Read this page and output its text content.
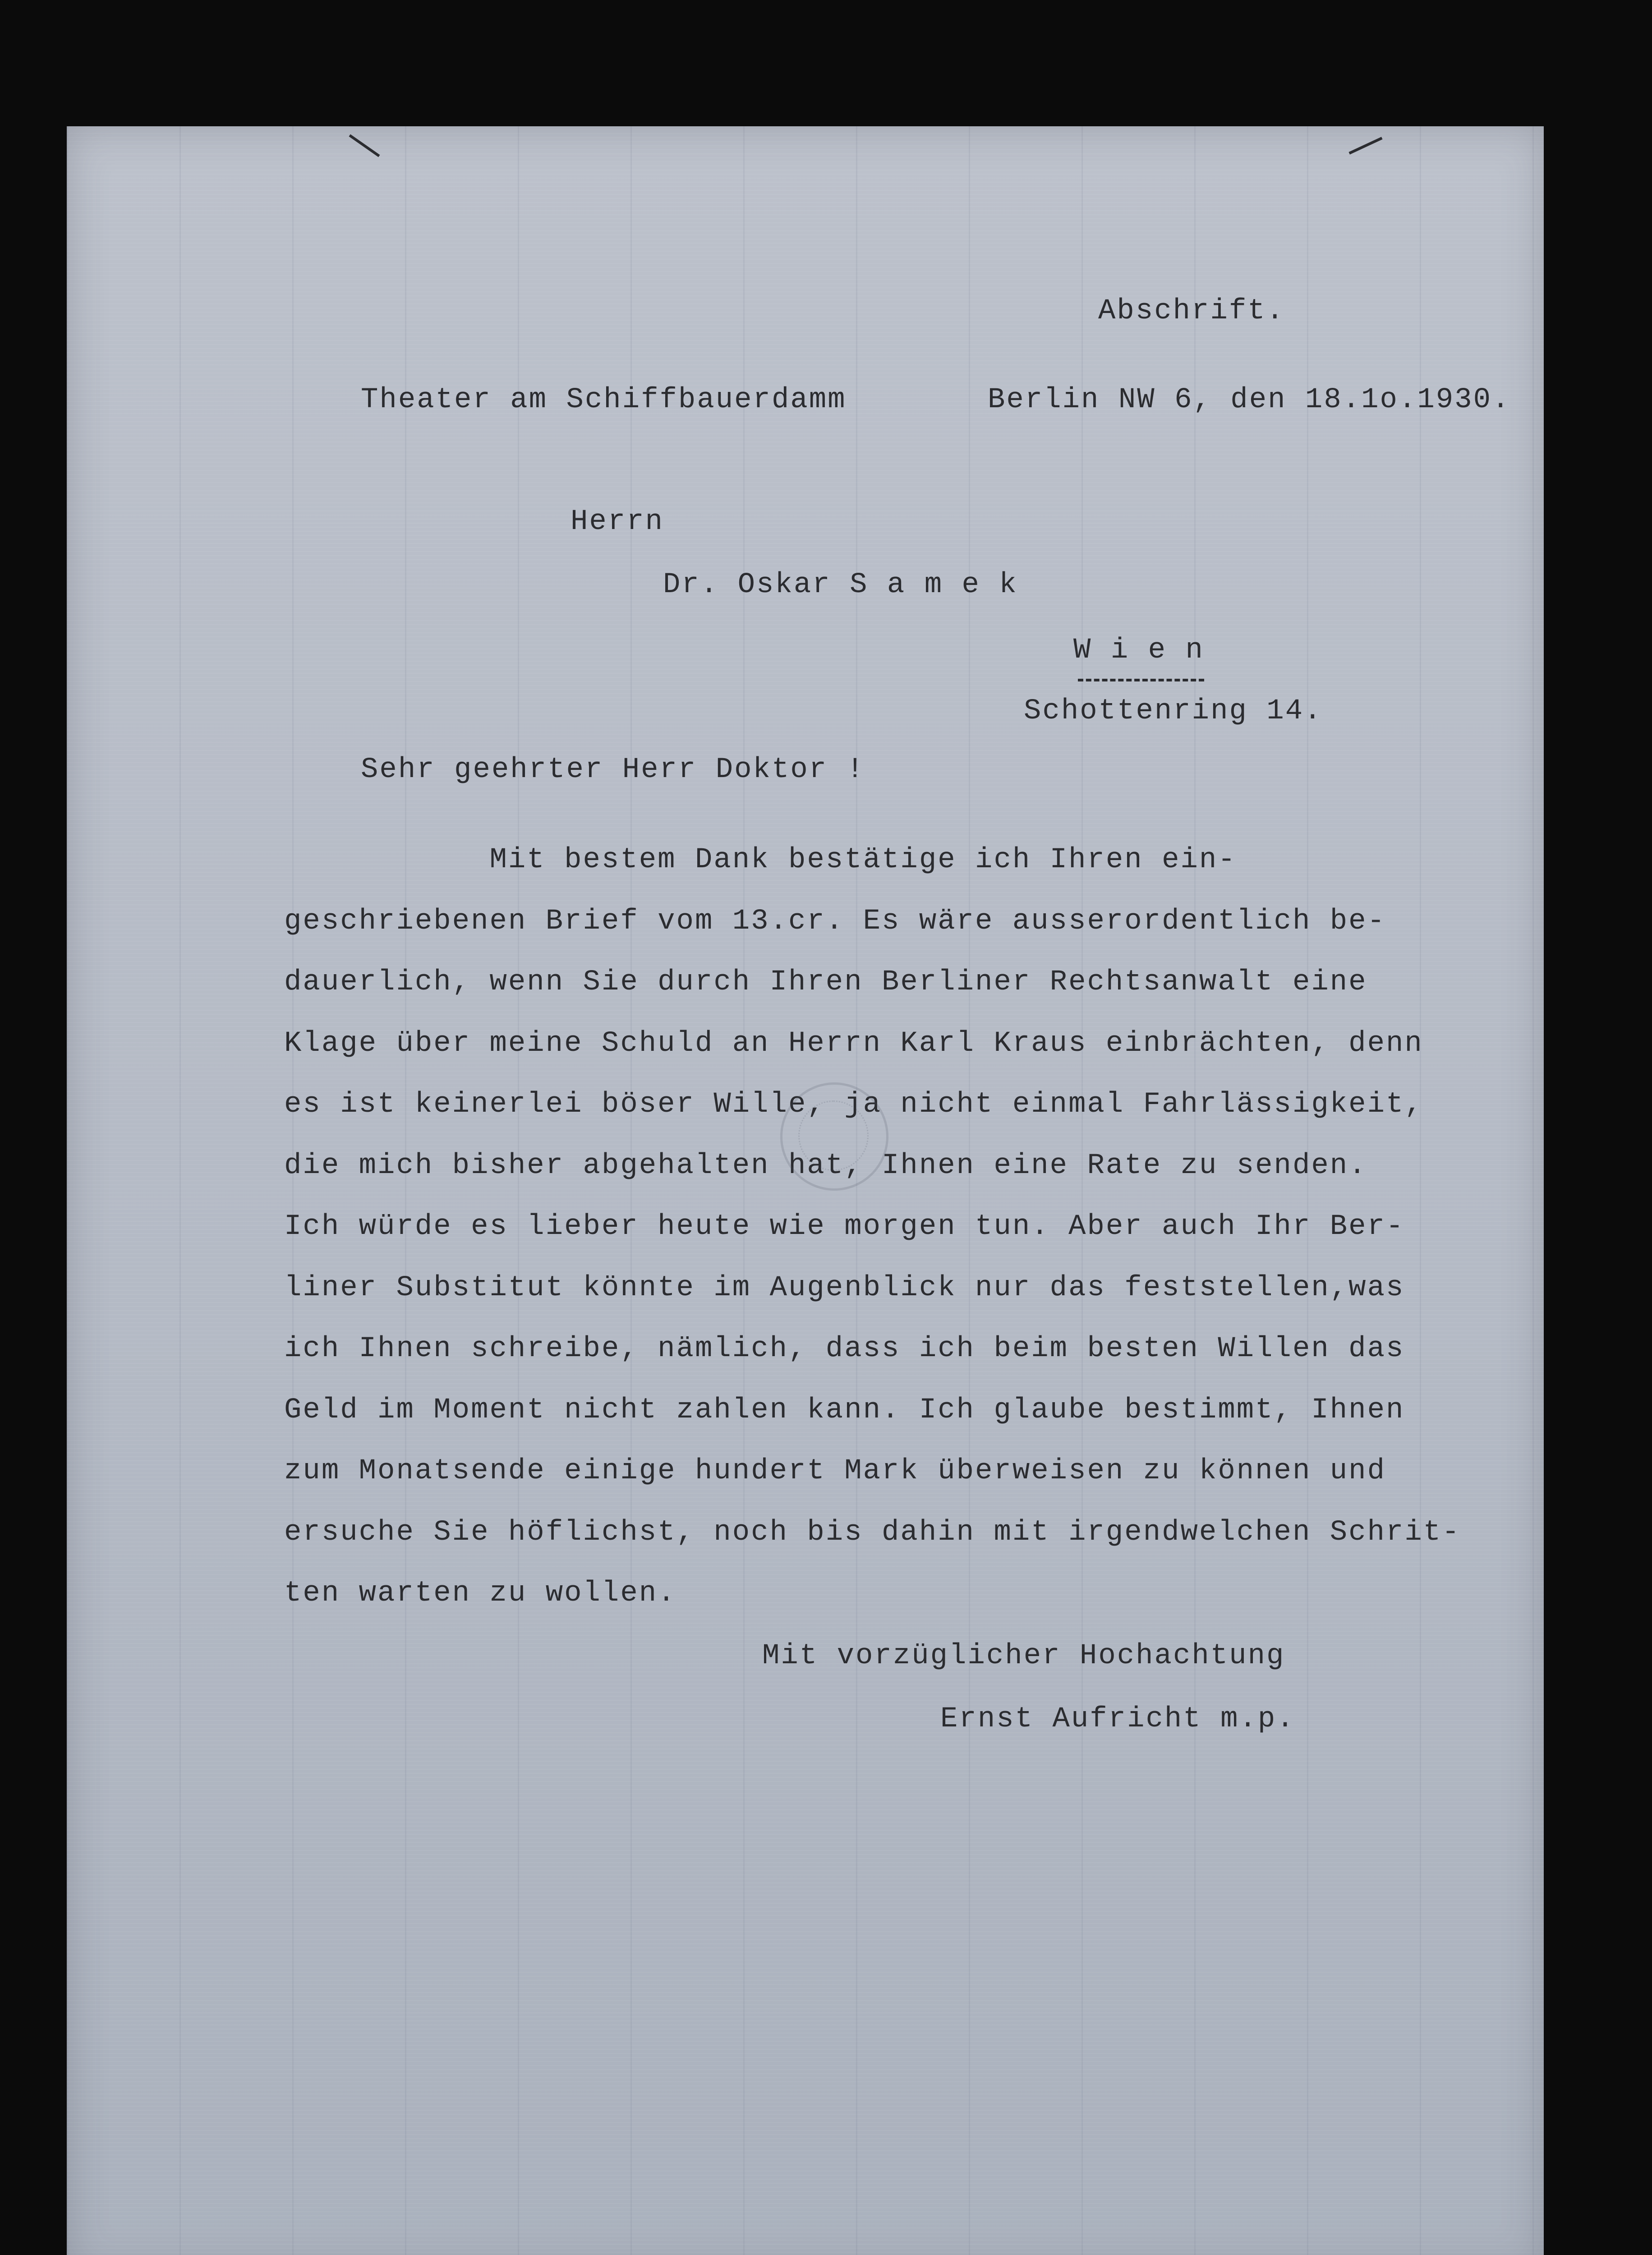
Abschrift.
Theater am Schiffbauerdamm	Berlin NW 6, den 18.1o.1930.
Herrn
Dr. Oskar S a m e k
W i e n
Schottenring 14.
Sehr geehrter Herr Doktor !
Mit bestem Dank bestätige ich Ihren ein-
geschriebenen Brief vom 13.cr. Es wäre ausserordentlich be-
dauerlich, wenn Sie durch Ihren Berliner Rechtsanwalt eine
Klage über meine Schuld an Herrn Karl Kraus einbrächten, denn
es ist keinerlei böser Wille, ja nicht einmal Fahrlässigkeit,
die mich bisher abgehalten hat, Ihnen eine Rate zu senden.
Ich würde es lieber heute wie morgen tun. Aber auch Ihr Ber-
liner Substitut könnte im Augenblick nur das feststellen,was
ich Ihnen schreibe, nämlich, dass ich beim besten Willen das
Geld im Moment nicht zahlen kann. Ich glaube bestimmt, Ihnen
zum Monatsende einige hundert Mark überweisen zu können und
ersuche Sie höflichst, noch bis dahin mit irgendwelchen Schrit-
ten warten zu wollen.
Mit vorzüglicher Hochachtung
Ernst Aufricht m.p.
